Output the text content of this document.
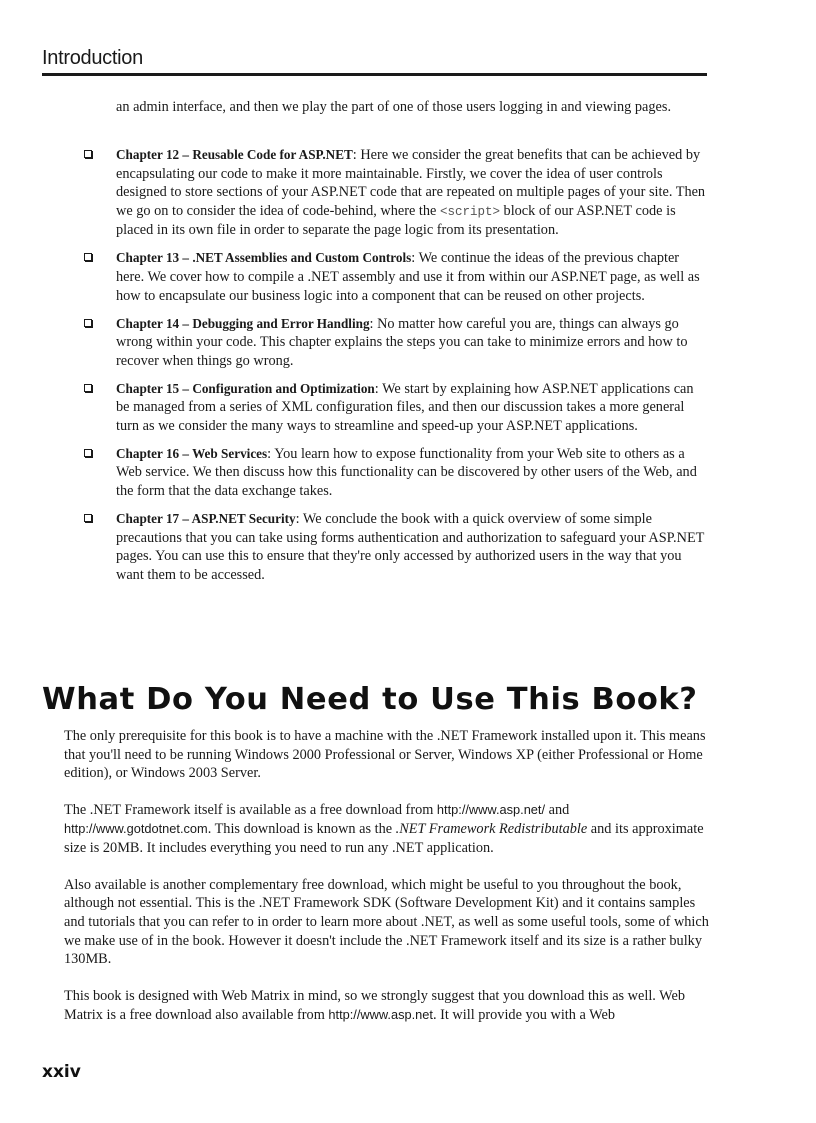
Introduction
an admin interface, and then we play the part of one of those users logging in and viewing pages.
Chapter 12 – Reusable Code for ASP.NET: Here we consider the great benefits that can be achieved by encapsulating our code to make it more maintainable. Firstly, we cover the idea of user controls designed to store sections of your ASP.NET code that are repeated on multiple pages of your site. Then we go on to consider the idea of code-behind, where the <script> block of our ASP.NET code is placed in its own file in order to separate the page logic from its presentation.
Chapter 13 – .NET Assemblies and Custom Controls: We continue the ideas of the previous chapter here. We cover how to compile a .NET assembly and use it from within our ASP.NET page, as well as how to encapsulate our business logic into a component that can be reused on other projects.
Chapter 14 – Debugging and Error Handling: No matter how careful you are, things can always go wrong within your code. This chapter explains the steps you can take to minimize errors and how to recover when things go wrong.
Chapter 15 – Configuration and Optimization: We start by explaining how ASP.NET applications can be managed from a series of XML configuration files, and then our discussion takes a more general turn as we consider the many ways to streamline and speed-up your ASP.NET applications.
Chapter 16 – Web Services: You learn how to expose functionality from your Web site to others as a Web service. We then discuss how this functionality can be discovered by other users of the Web, and the form that the data exchange takes.
Chapter 17 – ASP.NET Security: We conclude the book with a quick overview of some simple precautions that you can take using forms authentication and authorization to safeguard your ASP.NET pages. You can use this to ensure that they're only accessed by authorized users in the way that you want them to be accessed.
What Do You Need to Use This Book?

The only prerequisite for this book is to have a machine with the .NET Framework installed upon it. This means that you'll need to be running Windows 2000 Professional or Server, Windows XP (either Professional or Home edition), or Windows 2003 Server.

The .NET Framework itself is available as a free download from http://www.asp.net/ and http://www.gotdotnet.com. This download is known as the .NET Framework Redistributable and its approximate size is 20MB. It includes everything you need to run any .NET application.

Also available is another complementary free download, which might be useful to you throughout the book, although not essential. This is the .NET Framework SDK (Software Development Kit) and it contains samples and tutorials that you can refer to in order to learn more about .NET, as well as some useful tools, some of which we make use of in the book. However it doesn't include the .NET Framework itself and its size is a rather bulky 130MB.

This book is designed with Web Matrix in mind, so we strongly suggest that you download this as well. Web Matrix is a free download also available from http://www.asp.net. It will provide you with a Web

xxiv
